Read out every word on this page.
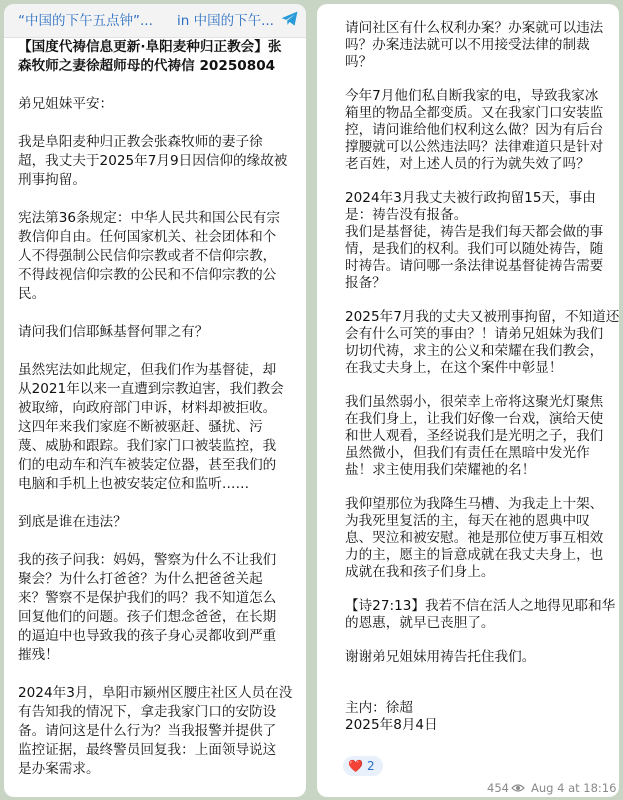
“中国的下午五点钟”...
in 中国的下午...
【国度代祷信息更新·阜阳麦种归正教会】张
森牧师之妻徐超师母的代祷信 20250804
弟兄姐妹平安：
我是阜阳麦种归正教会张森牧师的妻子徐
超，我丈夫于2025年7月9日因信仰的缘故被
刑事拘留。
宪法第36条规定：中华人民共和国公民有宗
教信仰自由。任何国家机关、社会团体和个
人不得强制公民信仰宗教或者不信仰宗教，
不得歧视信仰宗教的公民和不信仰宗教的公
民。
请问我们信耶稣基督何罪之有？
虽然宪法如此规定，但我们作为基督徒，却
从2021年以来一直遭到宗教迫害，我们教会
被取缔，向政府部门申诉，材料却被拒收。
这四年来我们家庭不断被驱赶、骚扰、污
蔑、威胁和跟踪。我们家门口被装监控，我
们的电动车和汽车被装定位器，甚至我们的
电脑和手机上也被安装定位和监听……
到底是谁在违法？
我的孩子问我：妈妈，警察为什么不让我们
聚会？为什么打爸爸？为什么把爸爸关起
来？警察不是保护我们的吗？我不知道怎么
回复他们的问题。孩子们想念爸爸，在长期
的逼迫中也导致我的孩子身心灵都收到严重
摧残！
2024年3月，阜阳市颍州区腰庄社区人员在没
有告知我的情况下，拿走我家门口的安防设
备。请问这是什么行为？当我报警并提供了
监控证据，最终警员回复我：上面领导说这
是办案需求。
请问社区有什么权利办案？办案就可以违法
吗？办案违法就可以不用接受法律的制裁
吗？
今年7月他们私自断我家的电，导致我家冰
箱里的物品全都变质。又在我家门口安装监
控，请问谁给他们权利这么做？因为有后台
撑腰就可以公然违法吗？法律难道只是针对
老百姓，对上述人员的行为就失效了吗？
2024年3月我丈夫被行政拘留15天，事由
是：祷告没有报备。
我们是基督徒，祷告是我们每天都会做的事
情，是我们的权利。我们可以随处祷告，随
时祷告。请问哪一条法律说基督徒祷告需要
报备？
2025年7月我的丈夫又被刑事拘留，不知道还
会有什么可笑的事由？！请弟兄姐妹为我们
切切代祷，求主的公义和荣耀在我们教会，
在我丈夫身上，在这个案件中彰显！
我们虽然弱小，很荣幸上帝将这聚光灯聚焦
在我们身上，让我们好像一台戏，演给天使
和世人观看，圣经说我们是光明之子，我们
虽然微小，但我们有责任在黑暗中发光作
盐！求主使用我们荣耀祂的名！
我仰望那位为我降生马槽、为我走上十架、
为我死里复活的主，每天在祂的恩典中叹
息、哭泣和被安慰。祂是那位使万事互相效
力的主，愿主的旨意成就在我丈夫身上，也
成就在我和孩子们身上。
【诗27:13】我若不信在活人之地得见耶和华
的恩惠，就早已丧胆了。
谢谢弟兄姐妹用祷告托住我们。
主内：徐超
2025年8月4日
❤️ 2
454 Aug 4 at 18:16
